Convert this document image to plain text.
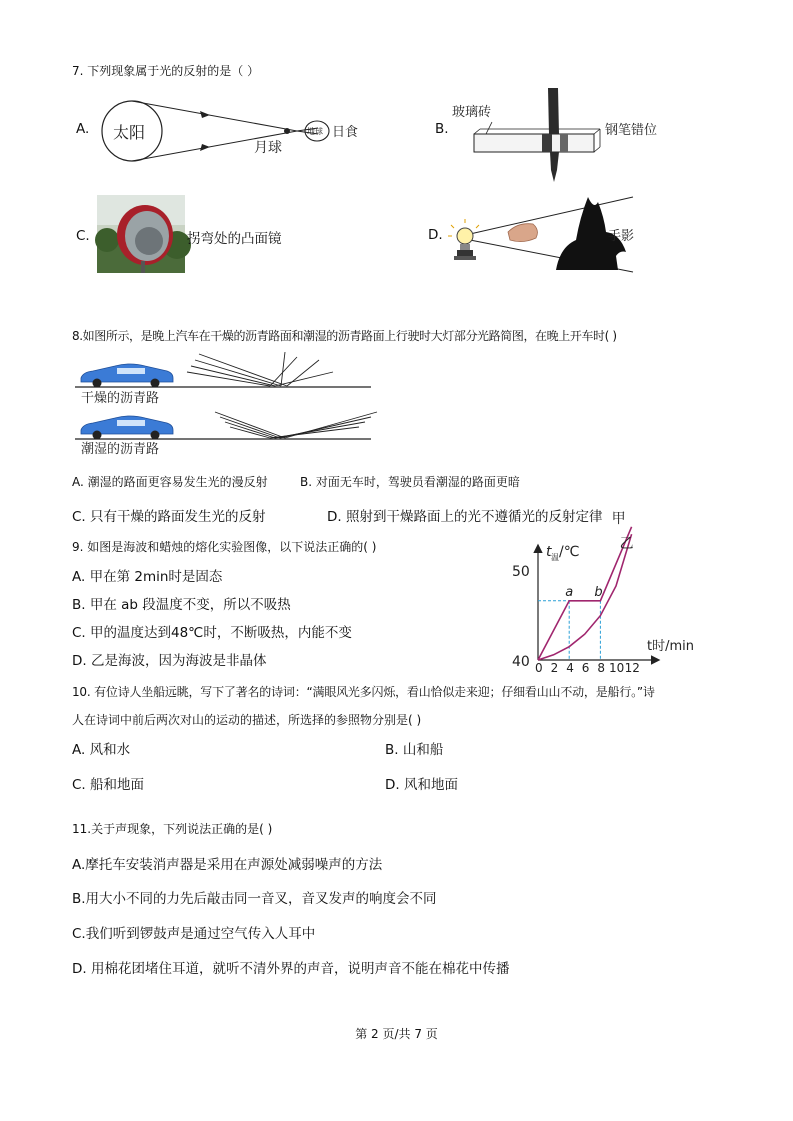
7. 下列现象属于光的反射的是（ ）
A. 太阳
月球
地球 日食	B.
玻璃砖
钢笔错位
C.	拐弯处的凸面镜	D.	手影
8.如图所示，是晚上汽车在干燥的沥青路面和潮湿的沥青路面上行驶时大灯部分光路简图，在晚上开车时( )
干燥的沥青路
潮湿的沥青路
A. 潮湿的路面更容易发生光的漫反射	B. 对面无车时，驾驶员看潮湿的路面更暗
C. 只有干燥的路面发生光的反射	D. 照射到干燥路面上的光不遵循光的反射定律
9. 如图是海波和蜡烛的熔化实验图像，以下说法正确的( )
A. 甲在第 2min时是固态
B. 甲在 ab 段温度不变，所以不吸热
C. 甲的温度达到48℃时，不断吸热，内能不变
D. 乙是海波，因为海波是非晶体
甲
乙
a b
t 温 /℃
t时/min
50
40 0 2 4 6 8 10 12
10. 有位诗人坐船远眺，写下了著名的诗词：“满眼风光多闪烁，看山恰似走来迎；仔细看山山不动，是船行。”诗
人在诗词中前后两次对山的运动的描述，所选择的参照物分别是( )
A. 风和水	B. 山和船
C. 船和地面	D. 风和地面
11.关于声现象，下列说法正确的是( )
A.摩托车安装消声器是采用在声源处减弱噪声的方法
B.用大小不同的力先后敲击同一音叉，音叉发声的响度会不同
C.我们听到锣鼓声是通过空气传入人耳中
D. 用棉花团堵住耳道，就听不清外界的声音，说明声音不能在棉花中传播
第 2 页/共 7 页
